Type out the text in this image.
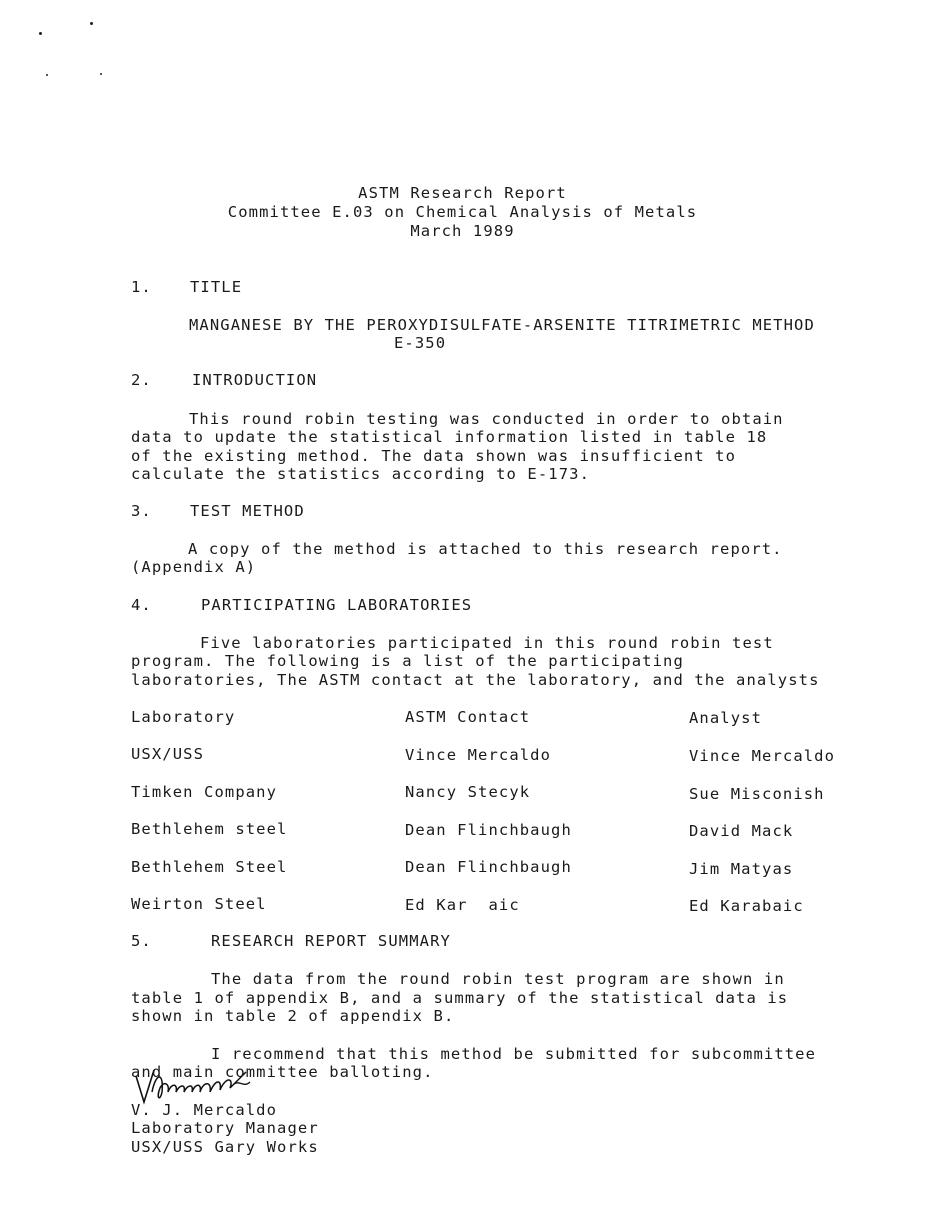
ASTM Research Report
Committee E.03 on Chemical Analysis of Metals
March 1989
1. TITLE
MANGANESE BY THE PEROXYDISULFATE-ARSENITE TITRIMETRIC METHOD
E-350
2.	INTRODUCTION
This round robin testing was conducted in order to obtain
data to update the statistical information listed in table 18
of the existing method. The data shown was insufficient to
calculate the statistics according to E-173.
3. TEST METHOD
A copy of the method is attached to this research report.
(Appendix A)
4.	PARTICIPATING LABORATORIES
Five laboratories participated in this round robin test
program. The following is a list of the participating
laboratories, The ASTM contact at the laboratory, and the analysts
Laboratory	ASTM Contact	Analyst
USX/USS	Vince Mercaldo	Vince Mercaldo
Timken Company	Nancy Stecyk	Sue Misconish
Bethlehem steel	Dean Flinchbaugh	David Mack
Bethlehem Steel	Dean Flinchbaugh	Jim Matyas
Weirton Steel	Ed Kar  aic	Ed Karabaic
5.	RESEARCH REPORT SUMMARY
The data from the round robin test program are shown in
table 1 of appendix B, and a summary of the statistical data is
shown in table 2 of appendix B.
I recommend that this method be submitted for subcommittee
and main committee balloting.
V. J. Mercaldo
Laboratory Manager
USX/USS Gary Works
